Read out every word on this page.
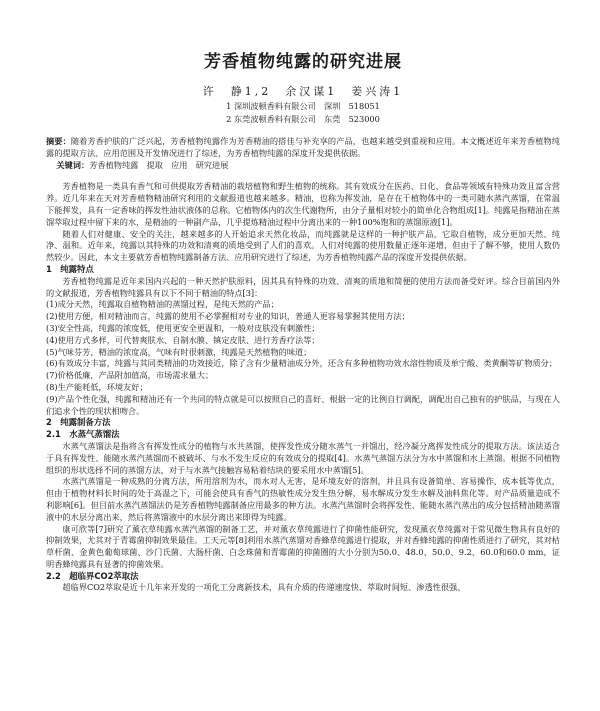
芳香植物纯露的研究进展
许　静1,2　余汉谋1　姜兴涛1
1 深圳波顿香料有限公司　深圳　518051
2 东莞波顿香料有限公司　东莞　523000
摘要：随着芳香护肤的广泛兴起，芳香植物纯露作为芳香精油的搭佳与补充享的产品，也越来越受到重视和应用。本文概述近年来芳香植物纯露的提取方法、应用范围及开发情况进行了综述，为芳香植物纯露的深度开发提供依据。
关键词：芳香植物纯露　提取　应用　研究进展

芳香植物是一类具有香气和可供提取芳香精油的栽培植物和野生植物的统称。其有效成分在医药、日化、食品等领域有特殊功效且富含营养。近几年来在天对芳香植物精油研究利用的文献报道也越来越多。精油，也称为挥发油，是存在于植物体中的一类可随水蒸汽蒸馏，在常温下能挥发，具有一定香味的挥发性油状液体的总称。它植物体内的次生代谢物所，由分子量相对较小的简单化合物组成[1]。纯露是指精油在蒸馏萃取过程中留下来的水，是精油的一种副产品，几乎提炼精油过程中分离出来的一种100%饱和的蒸馏原液[1]。

随着人们对健康、安全的关注，越来越多的人开始追求天然化妆品，而纯露就是这样的一种护肤产品，它取自植物，成分更加天然、纯净、温和。近年来，纯露以其特殊的功效和清爽的质地受到了人们的喜欢。人们对纯露的使用数量正逐年递增，但由于了解不够，使用人数仍然较少。因此，本文主要就芳香植物纯露制备方法、应用研究进行了综述，为芳香植物纯露产品的深度开发提供依据。

1　纯露特点

芳香植物纯露是近年来国内兴起的一种天然护肤原料，因其具有特殊的功效、清爽的质地和简便的使用方法而备受好评。综合目前国内外的文献报道，芳香植物纯露具有以下不同于精油的特点[3]：

(1)成分天然，纯露取自植物精油的蒸馏过程，是纯天然的产品；

(2)使用方便，相对精油而言，纯露的使用不必掌握相对专业的知识，普通人更容易掌握其使用方法；

(3)安全性高，纯露的浓度低，使用更安全更温和，一般对皮肤没有刺激性；

(4)使用方式多样，可代替爽肤水、自制水膜、镇定皮肤、进行芳香疗法等；

(5)气味芬芳，精油的浓度高，气味有时很刺激，纯露是天然植物的味道；

(6)有效成分丰富，纯露与其同类精油的功效接近，除了含有少量精油成分外，还含有多种植物功效水溶性物质及单宁酸、类黄酮等矿物质分；

(7)价格低廉，产品附加值高，市场需求量大；

(8)生产能耗低，环境友好；

(9)产品个性化强，纯露和精油还有一个共同的特点就是可以按照自己的喜好、根据一定的比例自行调配，调配出自己独有的护肤品，与现在人们追求个性的现状相吻合。

2　纯露制备方法

2.1　水蒸气蒸馏法

水蒸气蒸馏法是指将含有挥发性成分的植物与水共蒸馏，使挥发性成分随水蒸气一并馏出，经冷凝分离挥发性成分的提取方法。该法适合于具有挥发性、能随水蒸汽蒸馏而不被破坏、与水不发生反应的有效成分的提取[4]。水蒸气蒸馏方法分为水中蒸馏和水上蒸馏。根据不同植物组织的形状选择不同的蒸馏方法，对于与水蒸气接触容易粘着结块的要采用水中蒸馏[5]。

水蒸汽蒸馏是一种成熟的分离方法，所用溶剂为水，而水对人无害，是环境友好的溶剂，并且具有设备简单、容易操作、成本低等优点，但由于植物材料长时间的处于高温之下，可能会使具有香气的热敏性成分发生热分解，易水解成分发生水解及油料焦化等。对产品质量造成不利影响[6]。但目前水蒸汽蒸馏法仍是芳香植物纯露制备应用最多的种方法。水蒸汽蒸馏时会将挥发性、能随水蒸汽蒸出的成分包括精油随蒸馏液中的水层分离出来，然后将蒸馏液中的水层分离出来即得为纯露。

康可欣等[7]研究了薰衣草纯露水蒸汽蒸馏的制备工艺，并对薰衣草纯露进行了抑菌性能研究，发现薰衣草纯露对于常见微生物具有良好的抑制效果，尤其对于青霉菌抑制效果最佳。工天元等[8]利用水蒸汽蒸馏对香蜂草纯露进行提取，并对香蜂纯露的抑菌性质进行了研究，其对枯草杆菌、金黄色葡萄球菌、沙门氏菌、大肠杆菌、白念珠菌和青霉菌的抑菌圈的大小分别为50.0、48.0、50.0、9.2、60.0和60.0 mm，证明香蜂纯露具有显著的抑菌效果。

2.2　超临界CO2萃取法

超临界CO2萃取是近十几年来开发的一项化工分离新技术，具有介质的传递速度快、萃取时间短、渗透性很强、
